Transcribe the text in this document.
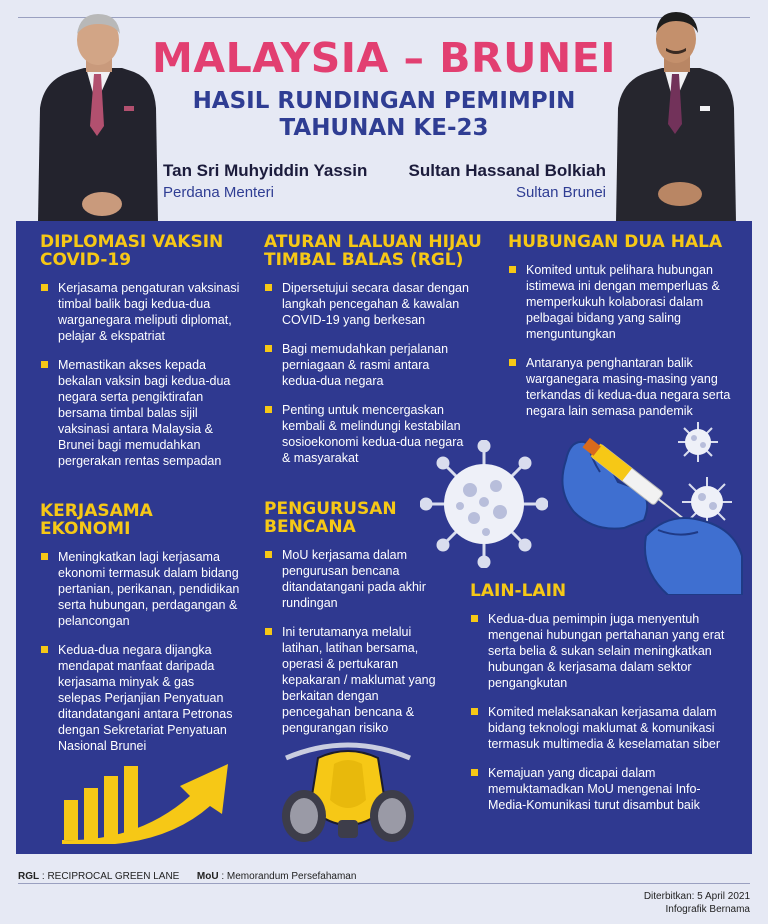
MALAYSIA – BRUNEI
HASIL RUNDINGAN PEMIMPIN
TAHUNAN KE-23
Tan Sri Muhyiddin Yassin
Perdana Menteri
Sultan Hassanal Bolkiah
Sultan Brunei
DIPLOMASI VAKSIN COVID-19
Kerjasama pengaturan vaksinasi timbal balik bagi kedua-dua warganegara meliputi diplomat, pelajar & ekspatriat
Memastikan akses kepada bekalan vaksin bagi kedua-dua negara serta pengiktirafan bersama timbal balas sijil vaksinasi antara Malaysia & Brunei bagi memudahkan pergerakan rentas sempadan
ATURAN LALUAN HIJAU TIMBAL BALAS (RGL)
Dipersetujui secara dasar dengan langkah pencegahan & kawalan COVID-19 yang berkesan
Bagi memudahkan perjalanan perniagaan & rasmi antara kedua-dua negara
Penting untuk mencergaskan kembali & melindungi kestabilan sosioekonomi kedua-dua negara & masyarakat
HUBUNGAN DUA HALA
Komited untuk pelihara hubungan istimewa ini dengan memperluas & memperkukuh kolaborasi dalam pelbagai bidang yang saling menguntungkan
Antaranya penghantaran balik warganegara masing-masing yang terkandas di kedua-dua negara serta negara lain semasa pandemik
KERJASAMA EKONOMI
Meningkatkan lagi kerjasama ekonomi termasuk dalam bidang pertanian, perikanan, pendidikan serta hubungan, perdagangan & pelancongan
Kedua-dua negara dijangka mendapat manfaat daripada kerjasama minyak & gas selepas Perjanjian Penyatuan ditandatangani antara Petronas dengan Sekretariat Penyatuan Nasional Brunei
PENGURUSAN BENCANA
MoU kerjasama dalam pengurusan bencana ditandatangani pada akhir rundingan
Ini terutamanya melalui latihan, latihan bersama, operasi & pertukaran kepakaran / maklumat yang berkaitan dengan pencegahan bencana & pengurangan risiko
LAIN-LAIN
Kedua-dua pemimpin juga menyentuh mengenai hubungan pertahanan yang erat serta belia & sukan selain meningkatkan hubungan & kerjasama dalam sektor pengangkutan
Komited melaksanakan kerjasama dalam bidang teknologi maklumat & komunikasi termasuk multimedia & keselamatan siber
Kemajuan yang dicapai dalam memuktamadkan MoU mengenai Info-Media-Komunikasi turut disambut baik
RGL : RECIPROCAL GREEN LANE MoU : Memorandum Persefahaman
Diterbitkan: 5 April 2021
Infografik Bernama
